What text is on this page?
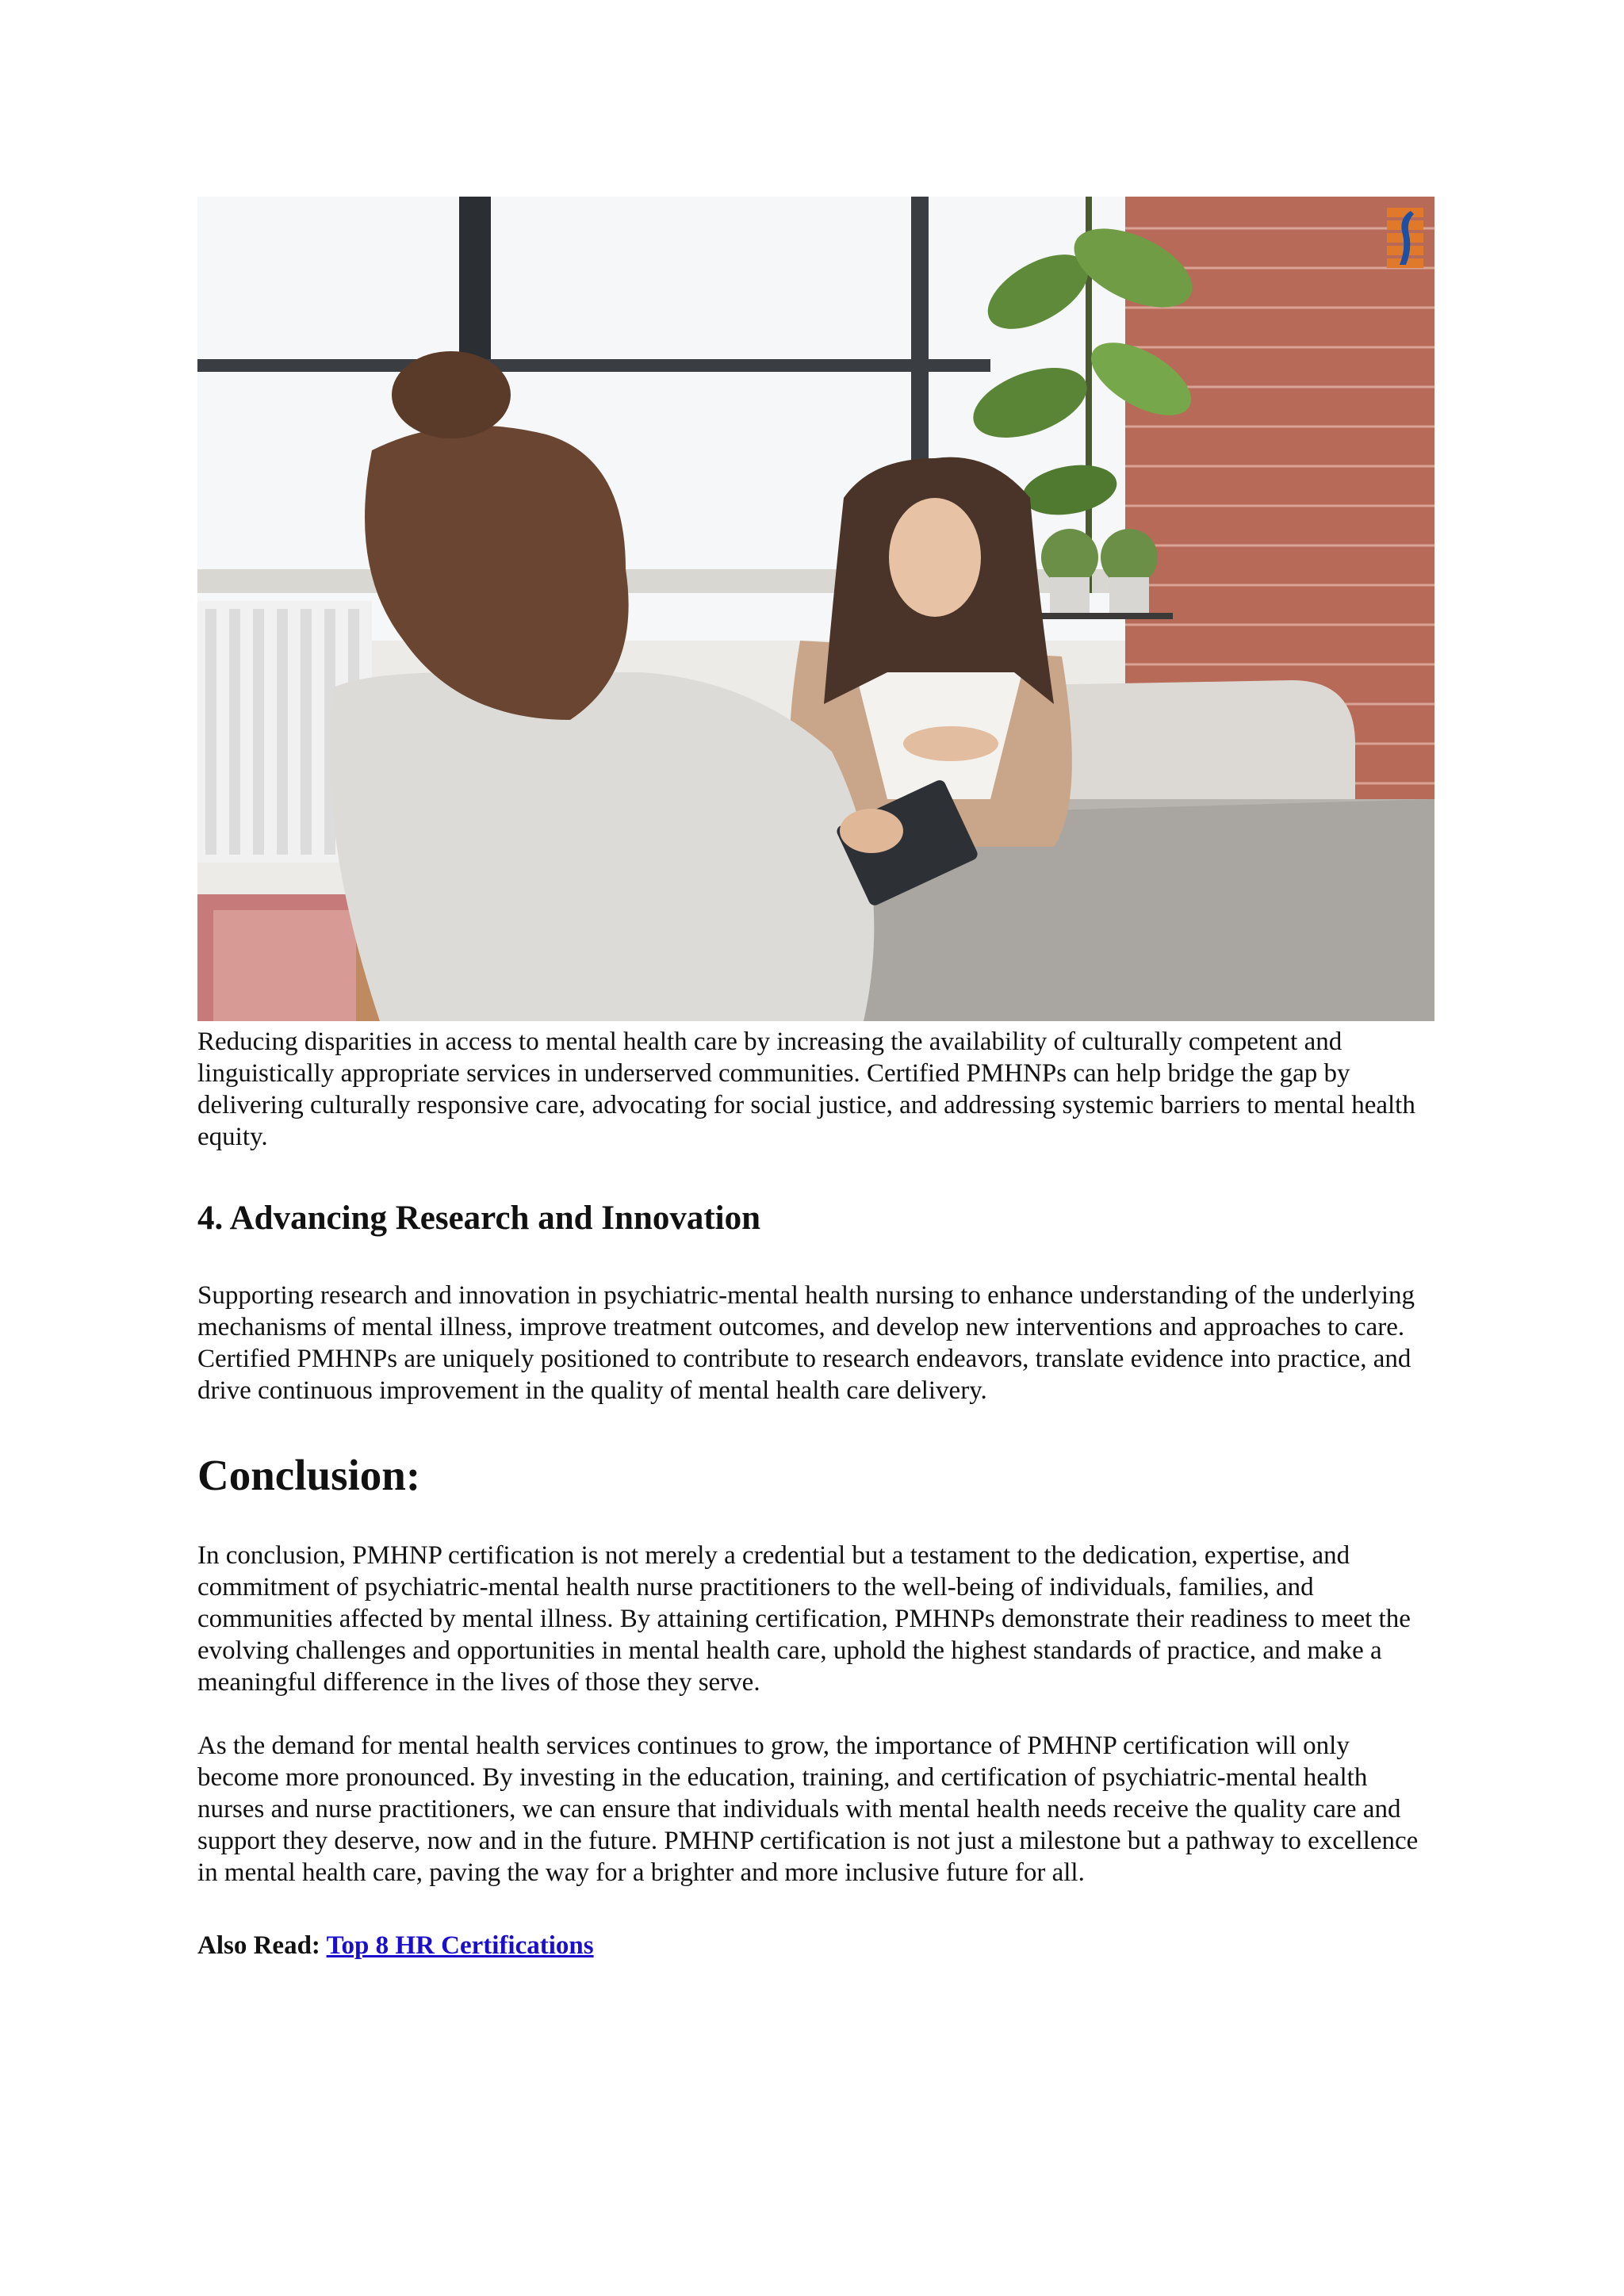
Reducing disparities in access to mental health care by increasing the availability of culturally competent and linguistically appropriate services in underserved communities. Certified PMHNPs can help bridge the gap by delivering culturally responsive care, advocating for social justice, and addressing systemic barriers to mental health equity.

4. Advancing Research and Innovation

Supporting research and innovation in psychiatric-mental health nursing to enhance understanding of the underlying mechanisms of mental illness, improve treatment outcomes, and develop new interventions and approaches to care. Certified PMHNPs are uniquely positioned to contribute to research endeavors, translate evidence into practice, and drive continuous improvement in the quality of mental health care delivery.

Conclusion:

In conclusion, PMHNP certification is not merely a credential but a testament to the dedication, expertise, and commitment of psychiatric-mental health nurse practitioners to the well-being of individuals, families, and communities affected by mental illness. By attaining certification, PMHNPs demonstrate their readiness to meet the evolving challenges and opportunities in mental health care, uphold the highest standards of practice, and make a meaningful difference in the lives of those they serve.

As the demand for mental health services continues to grow, the importance of PMHNP certification will only become more pronounced. By investing in the education, training, and certification of psychiatric-mental health nurses and nurse practitioners, we can ensure that individuals with mental health needs receive the quality care and support they deserve, now and in the future. PMHNP certification is not just a milestone but a pathway to excellence in mental health care, paving the way for a brighter and more inclusive future for all.

Also Read: Top 8 HR Certifications
